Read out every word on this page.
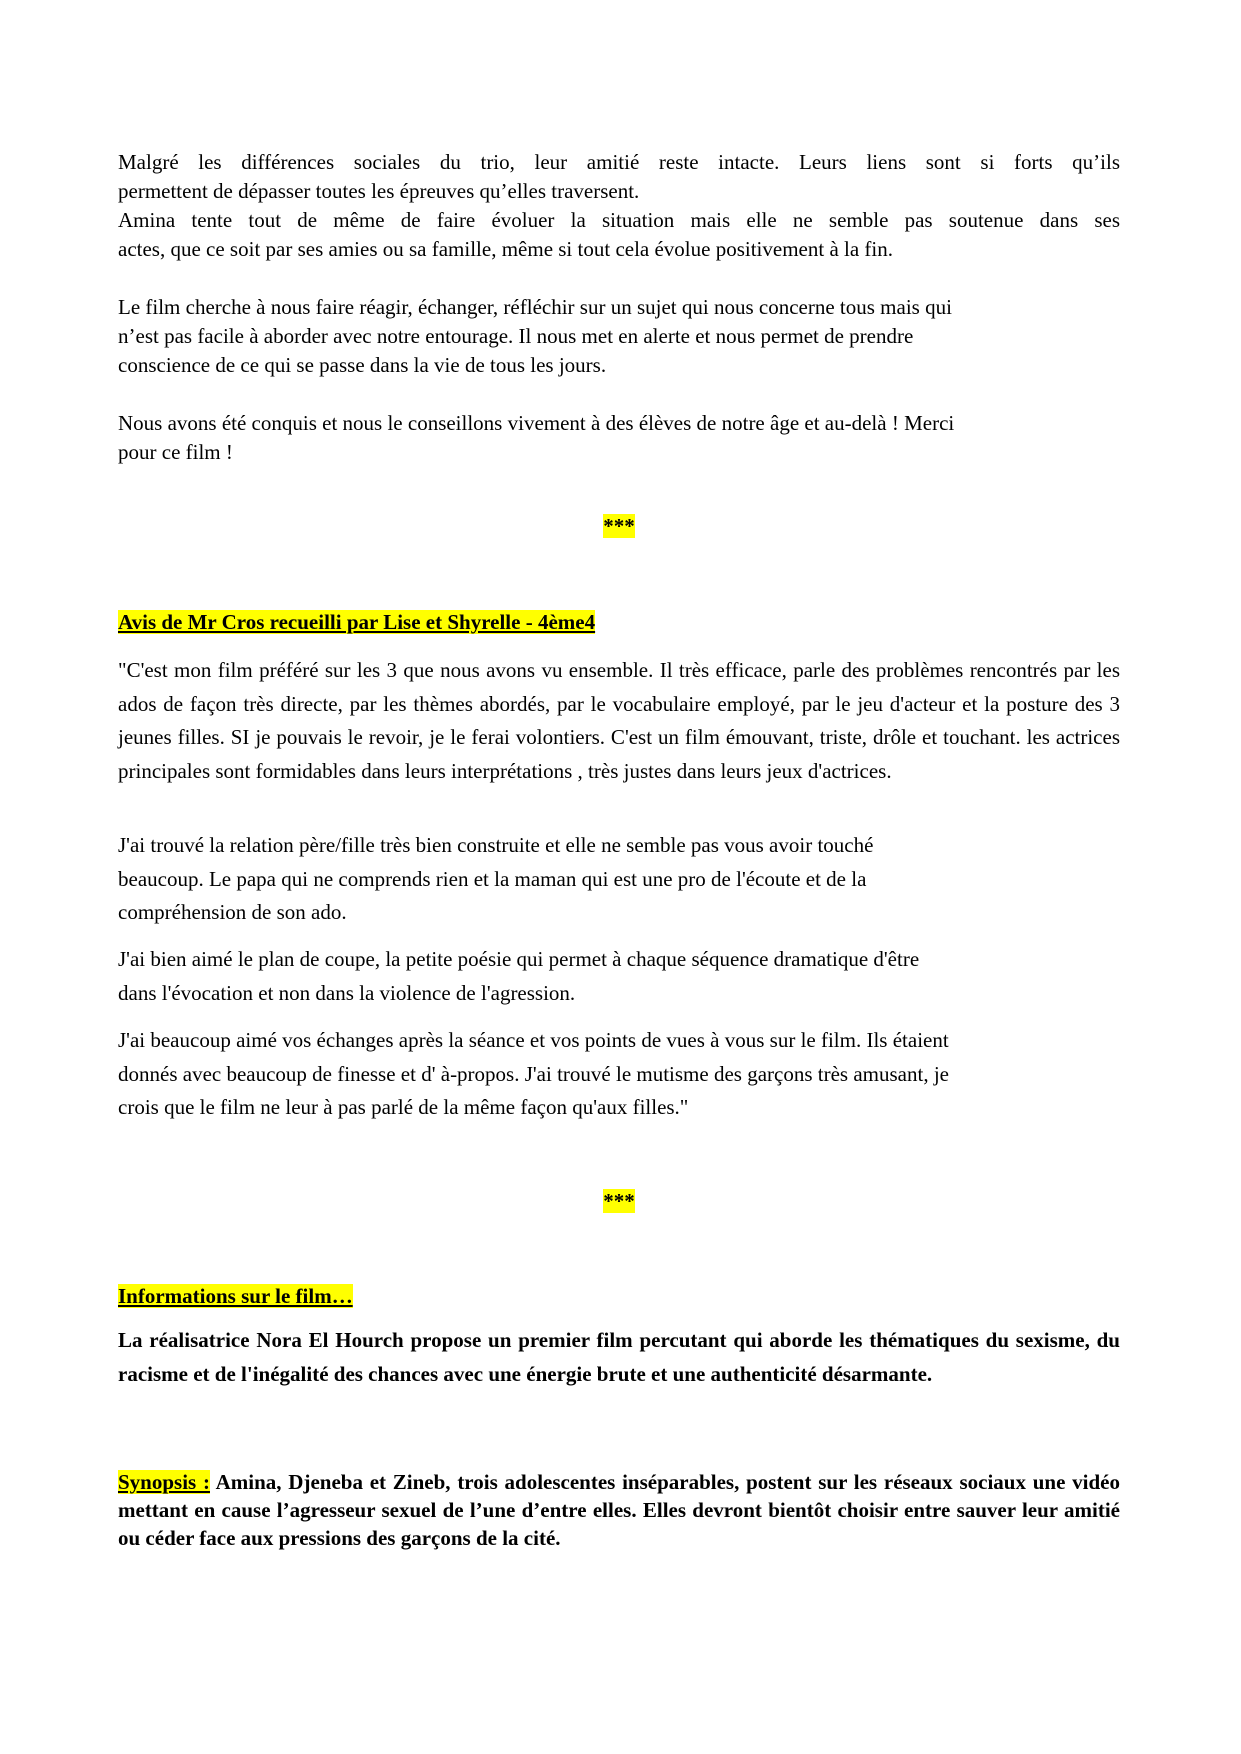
Malgré les différences sociales du trio, leur amitié reste intacte. Leurs liens sont si forts qu’ils
permettent de dépasser toutes les épreuves qu’elles traversent.
Amina tente tout de même de faire évoluer la situation mais elle ne semble pas soutenue dans ses
actes, que ce soit par ses amies ou sa famille, même si tout cela évolue positivement à la fin.

Le film cherche à nous faire réagir, échanger, réfléchir sur un sujet qui nous concerne tous mais qui
n’est pas facile à aborder avec notre entourage. Il nous met en alerte et nous permet de prendre
conscience de ce qui se passe dans la vie de tous les jours.

Nous avons été conquis et nous le conseillons vivement à des élèves de notre âge et au-delà ! Merci
pour ce film !

***

Avis de Mr Cros recueilli par Lise et Shyrelle - 4ème4

"C'est mon film préféré sur les 3 que nous avons vu ensemble. Il très efficace, parle des problèmes rencontrés par les ados de façon très directe, par les thèmes abordés, par le vocabulaire employé, par le jeu d'acteur et la posture des 3 jeunes filles. SI je pouvais le revoir, je le ferai volontiers. C'est un film émouvant, triste, drôle et touchant. les actrices principales sont formidables dans leurs interprétations , très justes dans leurs jeux d'actrices.

J'ai trouvé la relation père/fille très bien construite et elle ne semble pas vous avoir touché
beaucoup. Le papa qui ne comprends rien et la maman qui est une pro de l'écoute et de la
compréhension de son ado.

J'ai bien aimé le plan de coupe, la petite poésie qui permet à chaque séquence dramatique d'être
dans l'évocation et non dans la violence de l'agression.

J'ai beaucoup aimé vos échanges après la séance et vos points de vues à vous sur le film. Ils étaient
donnés avec beaucoup de finesse et d' à-propos. J'ai trouvé le mutisme des garçons très amusant, je
crois que le film ne leur à pas parlé de la même façon qu'aux filles."

***

Informations sur le film…

La réalisatrice Nora El Hourch propose un premier film percutant qui aborde les thématiques du sexisme, du racisme et de l'inégalité des chances avec une énergie brute et une authenticité désarmante.

Synopsis : Amina, Djeneba et Zineb, trois adolescentes inséparables, postent sur les réseaux sociaux une vidéo mettant en cause l’agresseur sexuel de l’une d’entre elles. Elles devront bientôt choisir entre sauver leur amitié ou céder face aux pressions des garçons de la cité.
